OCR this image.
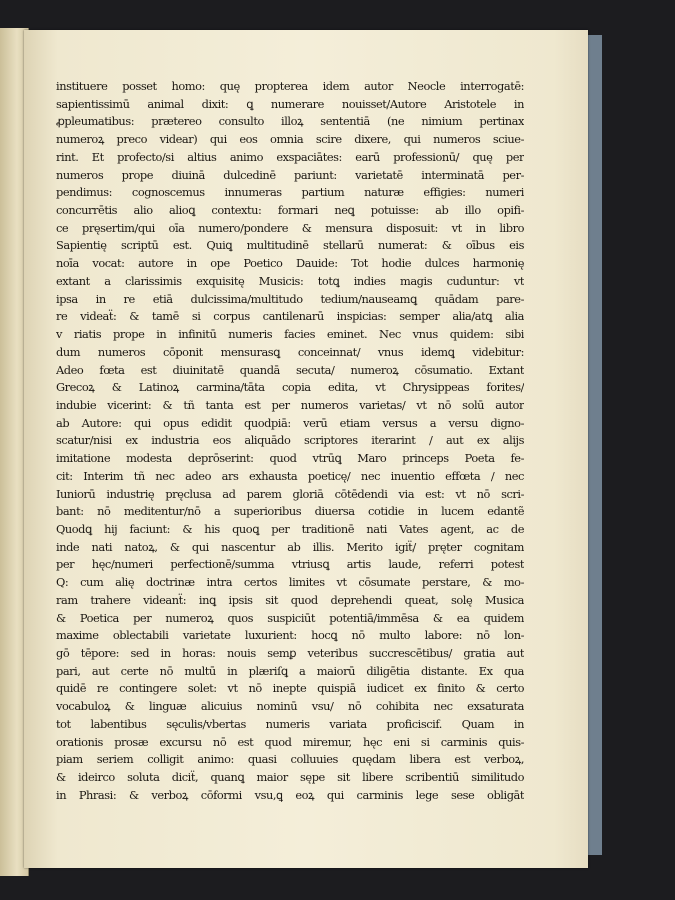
instituere posset homo: quę propterea idem autor Neocle interrogatē:
sapientissimū animal dixit: ꝗ numerare nouisset/Autore Aristotele in
ꝓpleumatibus: prætereo consulto illoꝝ sententiā (ne nimium pertinax
numeroꝝ preco videar) qui eos omnia scire dixere, qui numeros sciue-
rint. Et profecto/si altius animo exspaciātes: earū professionū/ quę per
numeros prope diuinā dulcedinē pariunt: varietatē interminatā per-
pendimus: cognoscemus innumeras partium naturæ effigies: numeri
concurrētis alio alioꝗ contextu: formari neꝗ potuisse: ab illo opifi-
ce pręsertim/qui oīa numero/pondere & mensura disposuit: vt in libro
Sapientię scriptū est. Quiꝗ multitudinē stellarū numerat: & oībus eis
noīa vocat: autore in ope Poetico Dauide: Tot hodie dulces harmonię
extant a clarissimis exquisitę Musicis: totꝗ indies magis cuduntur: vt
ipsa in re etiā dulcissima/multitudo tedium/nauseamꝗ quādam pare-
re videaẗ: & tamē si corpus cantilenarū inspicias: semper alia/atꝗ alia
v riatis prope in infinitū numeris facies eminet. Nec vnus quidem: sibi
dum numeros cōponit mensurasꝗ conceinnat/ vnus idemꝗ videbitur:
Adeo fœta est diuinitatē quandā secuta/ numeroꝝ cōsumatio. Extant
Grecoꝝ & Latinoꝝ carmina/tāta copia edita, vt Chrysippeas forites/
indubie vicerint: & tñ tanta est per numeros varietas/ vt nō solū autor
ab Autore: qui opus edidit quodpiā: verū etiam versus a versu digno-
scatur/nisi ex industria eos aliquādo scriptores iterarint / aut ex alijs
imitatione modesta deprōserint: quod vtrūꝗ Maro princeps Poeta fe-
cit: Interim tñ nec adeo ars exhausta poeticę/ nec inuentio effœta / nec
Iuniorū industrię pręclusa ad parem gloriā cōtēdendi via est: vt nō scri-
bant: nō meditentur/nō a superioribus diuersa cotidie in lucem edantẽ
Quodꝗ hij faciunt: & his quoꝗ per traditionē nati Vates agent, ac de
inde nati natoꝝ, & qui nascentur ab illis. Merito igiẗ/ pręter cognitam
per hęc/numeri perfectionē/summa vtriusꝗ artis laude, referri potest
Q: cum alię doctrinæ intra certos limites vt cōsumate perstare, & mo-
ram trahere videanẗ: inꝗ ipsis sit quod deprehendi queat, solę Musica
& Poetica per numeroꝝ quos suspiciūt potentiā/immēsa & ea quidem
maxime oblectabili varietate luxurient: hocꝗ nō multo labore: nō lon-
gō tēpore: sed in horas: nouis semꝑ veteribus succrescētibus/ gratia aut
pari, aut certe nō multū in plæriſꝗ a maiorū diligētia distante. Ex qua
quidē re contingere solet: vt nō inepte quispiā iudicet ex finito & certo
vocabuloꝝ & linguæ alicuius nominū vsu/ nō cohibita nec exsaturata
tot labentibus sęculis/vbertas numeris variata proficiscif. Quam in
orationis prosæ excursu nō est quod miremur, hęc eni si carminis quis-
piam seriem colligit animo: quasi colluuies quędam libera est verboꝝ,
& ideirco soluta diciẗ, quanꝗ maior sępe sit libere scribentiū similitudo
in Phrasi: & verboꝝ cōformi vsu,ꝗ eoꝝ qui carminis lege sese obligāt
